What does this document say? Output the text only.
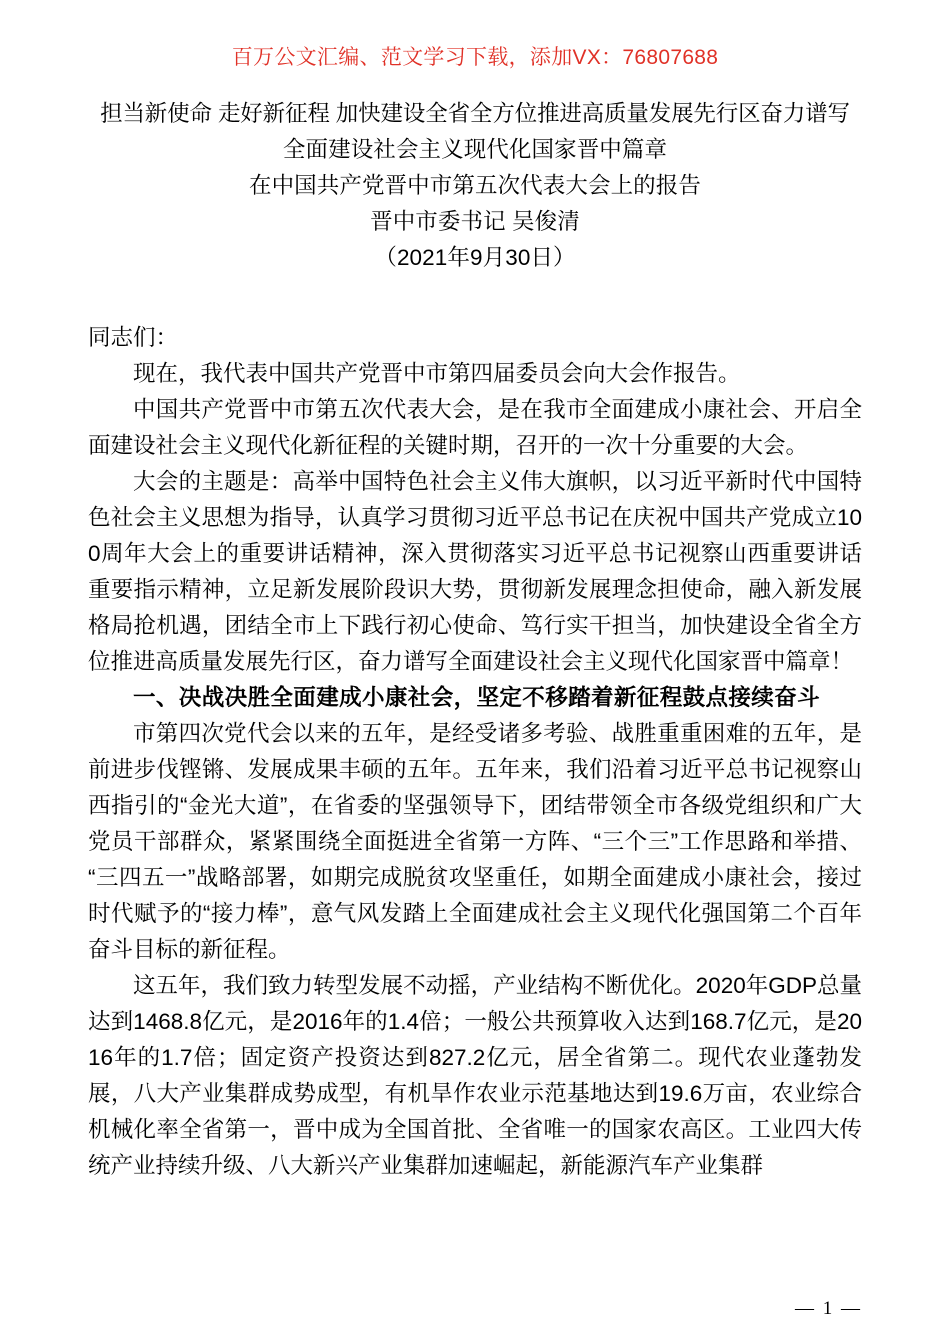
百万公文汇编、范文学习下载，添加VX：76807688
担当新使命 走好新征程 加快建设全省全方位推进高质量发展先行区奋力谱写
全面建设社会主义现代化国家晋中篇章
在中国共产党晋中市第五次代表大会上的报告
晋中市委书记 吴俊清
（2021年9月30日）

同志们：

现在，我代表中国共产党晋中市第四届委员会向大会作报告。

中国共产党晋中市第五次代表大会，是在我市全面建成小康社会、开启全面建设社会主义现代化新征程的关键时期，召开的一次十分重要的大会。

大会的主题是：高举中国特色社会主义伟大旗帜，以习近平新时代中国特色社会主义思想为指导，认真学习贯彻习近平总书记在庆祝中国共产党成立100周年大会上的重要讲话精神，深入贯彻落实习近平总书记视察山西重要讲话重要指示精神，立足新发展阶段识大势，贯彻新发展理念担使命，融入新发展格局抢机遇，团结全市上下践行初心使命、笃行实干担当，加快建设全省全方位推进高质量发展先行区，奋力谱写全面建设社会主义现代化国家晋中篇章！

一、决战决胜全面建成小康社会，坚定不移踏着新征程鼓点接续奋斗

市第四次党代会以来的五年，是经受诸多考验、战胜重重困难的五年，是前进步伐铿锵、发展成果丰硕的五年。五年来，我们沿着习近平总书记视察山西指引的“金光大道”，在省委的坚强领导下，团结带领全市各级党组织和广大党员干部群众，紧紧围绕全面挺进全省第一方阵、“三个三”工作思路和举措、“三四五一”战略部署，如期完成脱贫攻坚重任，如期全面建成小康社会，接过时代赋予的“接力棒”，意气风发踏上全面建成社会主义现代化强国第二个百年奋斗目标的新征程。

这五年，我们致力转型发展不动摇，产业结构不断优化。2020年GDP总量达到1468.8亿元，是2016年的1.4倍；一般公共预算收入达到168.7亿元，是2016年的1.7倍；固定资产投资达到827.2亿元，居全省第二。现代农业蓬勃发展，八大产业集群成势成型，有机旱作农业示范基地达到19.6万亩，农业综合机械化率全省第一，晋中成为全国首批、全省唯一的国家农高区。工业四大传统产业持续升级、八大新兴产业集群加速崛起，新能源汽车产业集群

— 1 —
